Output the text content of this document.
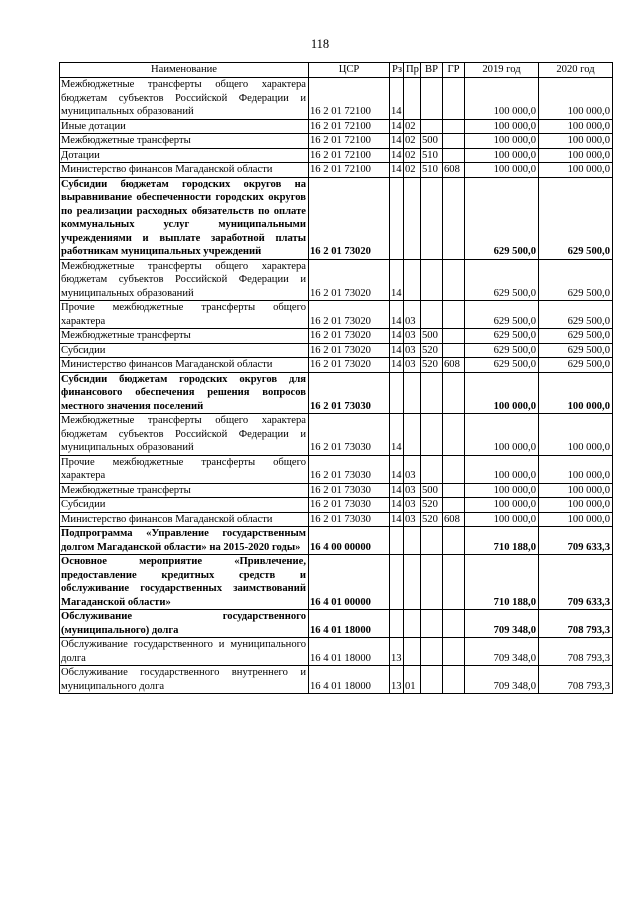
118
Наименование	ЦСР	Рз	Пр	ВР	ГР	2019 год	2020 год
Межбюджетные трансферты общего характера бюджетам субъектов Российской Федерации и муниципальных образований	16 2 01 72100	14				100 000,0	100 000,0
Иные дотации	16 2 01 72100	14	02			100 000,0	100 000,0
Межбюджетные трансферты	16 2 01 72100	14	02	500		100 000,0	100 000,0
Дотации	16 2 01 72100	14	02	510		100 000,0	100 000,0
Министерство финансов Магаданской области	16 2 01 72100	14	02	510	608	100 000,0	100 000,0
Субсидии бюджетам городских округов на выравнивание обеспеченности городских округов по реализации расходных обязательств по оплате коммунальных услуг муниципальными учреждениями и выплате заработной платы работникам муниципальных учреждений	16 2 01 73020					629 500,0	629 500,0
Межбюджетные трансферты общего характера бюджетам субъектов Российской Федерации и муниципальных образований	16 2 01 73020	14				629 500,0	629 500,0
Прочие межбюджетные трансферты общего характера	16 2 01 73020	14	03			629 500,0	629 500,0
Межбюджетные трансферты	16 2 01 73020	14	03	500		629 500,0	629 500,0
Субсидии	16 2 01 73020	14	03	520		629 500,0	629 500,0
Министерство финансов Магаданской области	16 2 01 73020	14	03	520	608	629 500,0	629 500,0
Субсидии бюджетам городских округов для финансового обеспечения решения вопросов местного значения поселений	16 2 01 73030					100 000,0	100 000,0
Межбюджетные трансферты общего характера бюджетам субъектов Российской Федерации и муниципальных образований	16 2 01 73030	14				100 000,0	100 000,0
Прочие межбюджетные трансферты общего характера	16 2 01 73030	14	03			100 000,0	100 000,0
Межбюджетные трансферты	16 2 01 73030	14	03	500		100 000,0	100 000,0
Субсидии	16 2 01 73030	14	03	520		100 000,0	100 000,0
Министерство финансов Магаданской области	16 2 01 73030	14	03	520	608	100 000,0	100 000,0
Подпрограмма «Управление государственным долгом Магаданской области» на 2015-2020 годы»	16 4 00 00000					710 188,0	709 633,3
Основное мероприятие «Привлечение, предоставление кредитных средств и обслуживание государственных заимствований Магаданской области»	16 4 01 00000					710 188,0	709 633,3
Обслуживание государственного (муниципального) долга	16 4 01 18000					709 348,0	708 793,3
Обслуживание государственного и муниципального долга	16 4 01 18000	13				709 348,0	708 793,3
Обслуживание государственного внутреннего и муниципального долга	16 4 01 18000	13	01			709 348,0	708 793,3
